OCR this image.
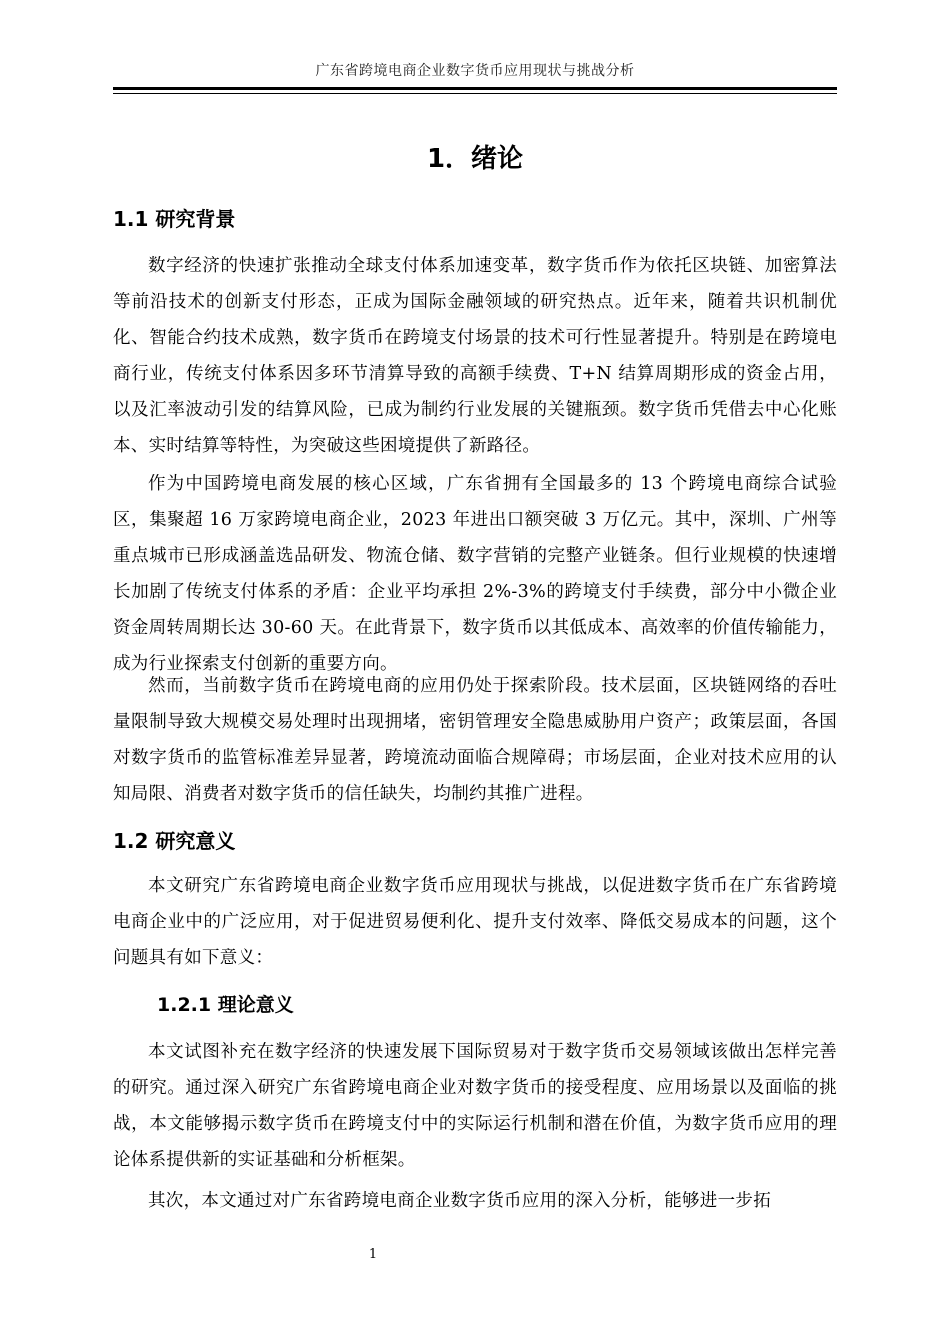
广东省跨境电商企业数字货币应用现状与挑战分析
1．绪论
1.1 研究背景

数字经济的快速扩张推动全球支付体系加速变革，数字货币作为依托区块链、加密算法等前沿技术的创新支付形态，正成为国际金融领域的研究热点。近年来，随着共识机制优化、智能合约技术成熟，数字货币在跨境支付场景的技术可行性显著提升。特别是在跨境电商行业，传统支付体系因多环节清算导致的高额手续费、T+N 结算周期形成的资金占用，以及汇率波动引发的结算风险，已成为制约行业发展的关键瓶颈。数字货币凭借去中心化账本、实时结算等特性，为突破这些困境提供了新路径。

作为中国跨境电商发展的核心区域，广东省拥有全国最多的 13 个跨境电商综合试验区，集聚超 16 万家跨境电商企业，2023 年进出口额突破 3 万亿元。其中，深圳、广州等重点城市已形成涵盖选品研发、物流仓储、数字营销的完整产业链条。但行业规模的快速增长加剧了传统支付体系的矛盾：企业平均承担 2%-3%的跨境支付手续费，部分中小微企业资金周转周期长达 30-60 天。在此背景下，数字货币以其低成本、高效率的价值传输能力，成为行业探索支付创新的重要方向。

然而，当前数字货币在跨境电商的应用仍处于探索阶段。技术层面，区块链网络的吞吐量限制导致大规模交易处理时出现拥堵，密钥管理安全隐患威胁用户资产；政策层面，各国对数字货币的监管标准差异显著，跨境流动面临合规障碍；市场层面，企业对技术应用的认知局限、消费者对数字货币的信任缺失，均制约其推广进程。

1.2 研究意义

本文研究广东省跨境电商企业数字货币应用现状与挑战，以促进数字货币在广东省跨境电商企业中的广泛应用，对于促进贸易便利化、提升支付效率、降低交易成本的问题，这个问题具有如下意义：

1.2.1 理论意义

本文试图补充在数字经济的快速发展下国际贸易对于数字货币交易领域该做出怎样完善的研究。通过深入研究广东省跨境电商企业对数字货币的接受程度、应用场景以及面临的挑战，本文能够揭示数字货币在跨境支付中的实际运行机制和潜在价值，为数字货币应用的理论体系提供新的实证基础和分析框架。

其次，本文通过对广东省跨境电商企业数字货币应用的深入分析，能够进一步拓

1
